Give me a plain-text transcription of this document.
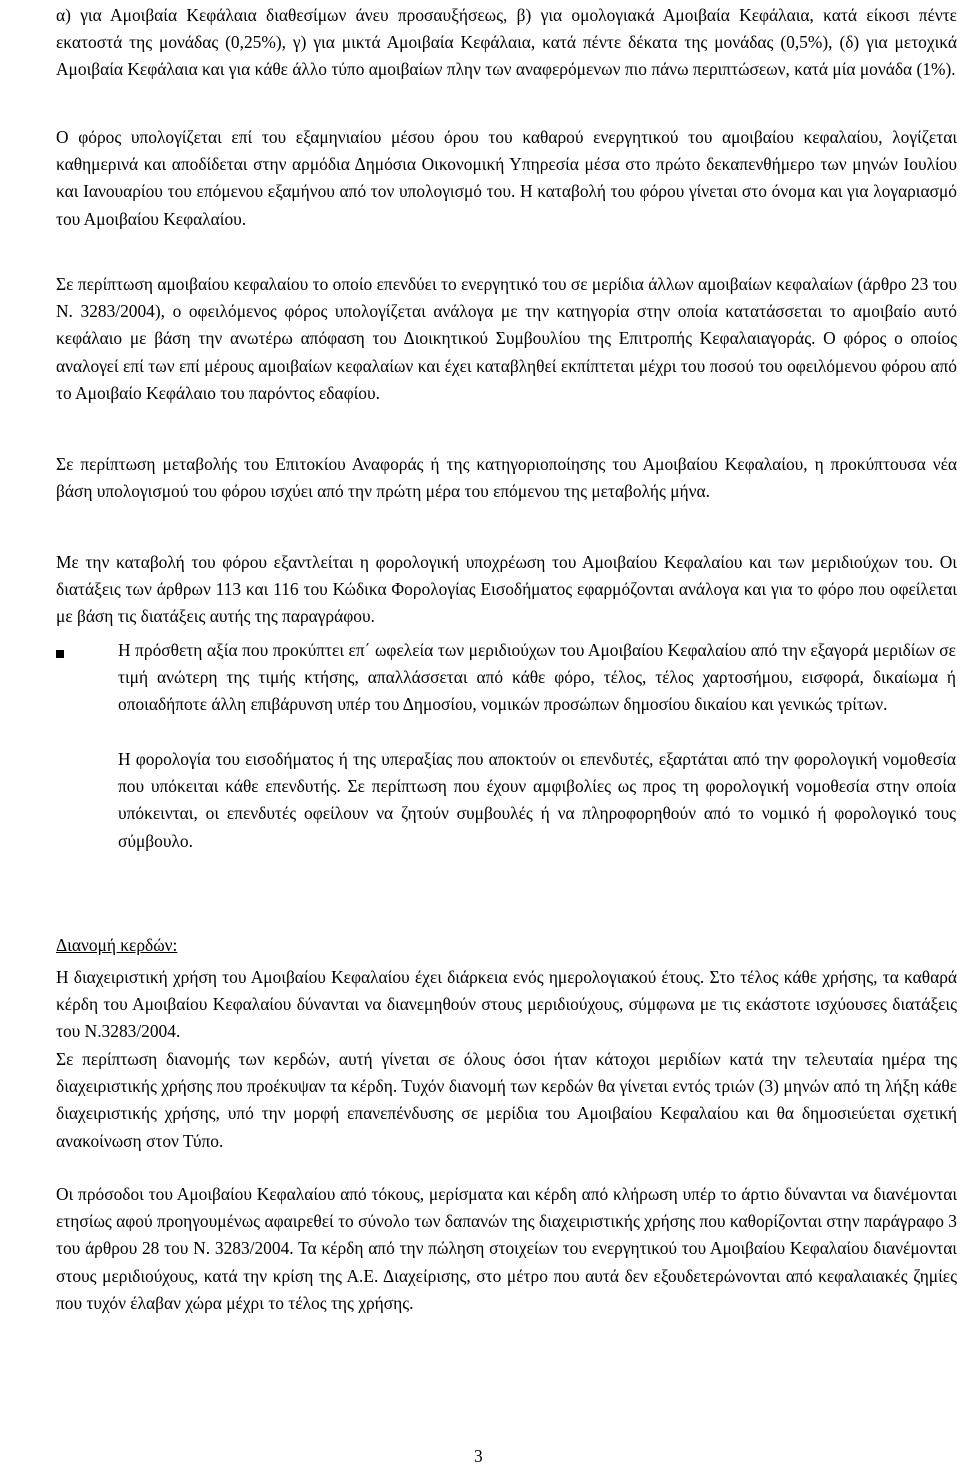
α) για Αμοιβαία Κεφάλαια διαθεσίμων άνευ προσαυξήσεως, β) για ομολογιακά Αμοιβαία Κεφάλαια, κατά είκοσι πέντε εκατοστά της μονάδας (0,25%), γ) για μικτά Αμοιβαία Κεφάλαια, κατά πέντε δέκατα της μονάδας (0,5%), (δ) για μετοχικά Αμοιβαία Κεφάλαια και για κάθε άλλο τύπο αμοιβαίων πλην των αναφερόμενων πιο πάνω περιπτώσεων, κατά μία μονάδα (1%).

Ο φόρος υπολογίζεται επί του εξαμηνιαίου μέσου όρου του καθαρού ενεργητικού του αμοιβαίου κεφαλαίου, λογίζεται καθημερινά και αποδίδεται στην αρμόδια Δημόσια Οικονομική Υπηρεσία μέσα στο πρώτο δεκαπενθήμερο των μηνών Ιουλίου και Ιανουαρίου του επόμενου εξαμήνου από τον υπολογισμό του. Η καταβολή του φόρου γίνεται στο όνομα και για λογαριασμό του Αμοιβαίου Κεφαλαίου.

Σε περίπτωση αμοιβαίου κεφαλαίου το οποίο επενδύει το ενεργητικό του σε μερίδια άλλων αμοιβαίων κεφαλαίων (άρθρο 23 του Ν. 3283/2004), ο οφειλόμενος φόρος υπολογίζεται ανάλογα με την κατηγορία στην οποία κατατάσσεται το αμοιβαίο αυτό κεφάλαιο με βάση την ανωτέρω απόφαση του Διοικητικού Συμβουλίου της Επιτροπής Κεφαλαιαγοράς. Ο φόρος ο οποίος αναλογεί επί των επί μέρους αμοιβαίων κεφαλαίων και έχει καταβληθεί εκπίπτεται μέχρι του ποσού του οφειλόμενου φόρου από το Αμοιβαίο Κεφάλαιο του παρόντος εδαφίου.

Σε περίπτωση μεταβολής του Επιτοκίου Αναφοράς ή της κατηγοριοποίησης του Αμοιβαίου Κεφαλαίου, η προκύπτουσα νέα βάση υπολογισμού του φόρου ισχύει από την πρώτη μέρα του επόμενου της μεταβολής μήνα.

Με την καταβολή του φόρου εξαντλείται η φορολογική υποχρέωση του Αμοιβαίου Κεφαλαίου και των μεριδιούχων του. Οι διατάξεις των άρθρων 113 και 116 του Κώδικα Φορολογίας Εισοδήματος εφαρμόζονται ανάλογα και για το φόρο που οφείλεται με βάση τις διατάξεις αυτής της παραγράφου.

Η πρόσθετη αξία που προκύπτει επ΄ ωφελεία των μεριδιούχων του Αμοιβαίου Κεφαλαίου από την εξαγορά μεριδίων σε τιμή ανώτερη της τιμής κτήσης, απαλλάσσεται από κάθε φόρο, τέλος, τέλος χαρτοσήμου, εισφορά, δικαίωμα ή οποιαδήποτε άλλη επιβάρυνση υπέρ του Δημοσίου, νομικών προσώπων δημοσίου δικαίου και γενικώς τρίτων.

Η φορολογία του εισοδήματος ή της υπεραξίας που αποκτούν οι επενδυτές, εξαρτάται από την φορολογική νομοθεσία που υπόκειται κάθε επενδυτής. Σε περίπτωση που έχουν αμφιβολίες ως προς τη φορολογική νομοθεσία στην οποία υπόκεινται, οι επενδυτές οφείλουν να ζητούν συμβουλές ή να πληροφορηθούν από το νομικό ή φορολογικό τους σύμβουλο.

Διανομή κερδών:

Η διαχειριστική χρήση του Αμοιβαίου Κεφαλαίου έχει διάρκεια ενός ημερολογιακού έτους. Στο τέλος κάθε χρήσης, τα καθαρά κέρδη του Αμοιβαίου Κεφαλαίου δύνανται να διανεμηθούν στους μεριδιούχους, σύμφωνα με τις εκάστοτε ισχύουσες διατάξεις του Ν.3283/2004.

Σε περίπτωση διανομής των κερδών, αυτή γίνεται σε όλους όσοι ήταν κάτοχοι μεριδίων κατά την τελευταία ημέρα της διαχειριστικής χρήσης που προέκυψαν τα κέρδη. Τυχόν διανομή των κερδών θα γίνεται εντός τριών (3) μηνών από τη λήξη κάθε διαχειριστικής χρήσης, υπό την μορφή επανεπένδυσης σε μερίδια του Αμοιβαίου Κεφαλαίου και θα δημοσιεύεται σχετική ανακοίνωση στον Τύπο.

Οι πρόσοδοι του Αμοιβαίου Κεφαλαίου από τόκους, μερίσματα και κέρδη από κλήρωση υπέρ το άρτιο δύνανται να διανέμονται ετησίως αφού προηγουμένως αφαιρεθεί το σύνολο των δαπανών της διαχειριστικής χρήσης που καθορίζονται στην παράγραφο 3 του άρθρου 28 του Ν. 3283/2004. Τα κέρδη από την πώληση στοιχείων του ενεργητικού του Αμοιβαίου Κεφαλαίου διανέμονται στους μεριδιούχους, κατά την κρίση της Α.Ε. Διαχείρισης, στο μέτρο που αυτά δεν εξουδετερώνονται από κεφαλαιακές ζημίες που τυχόν έλαβαν χώρα μέχρι το τέλος της χρήσης.

3
